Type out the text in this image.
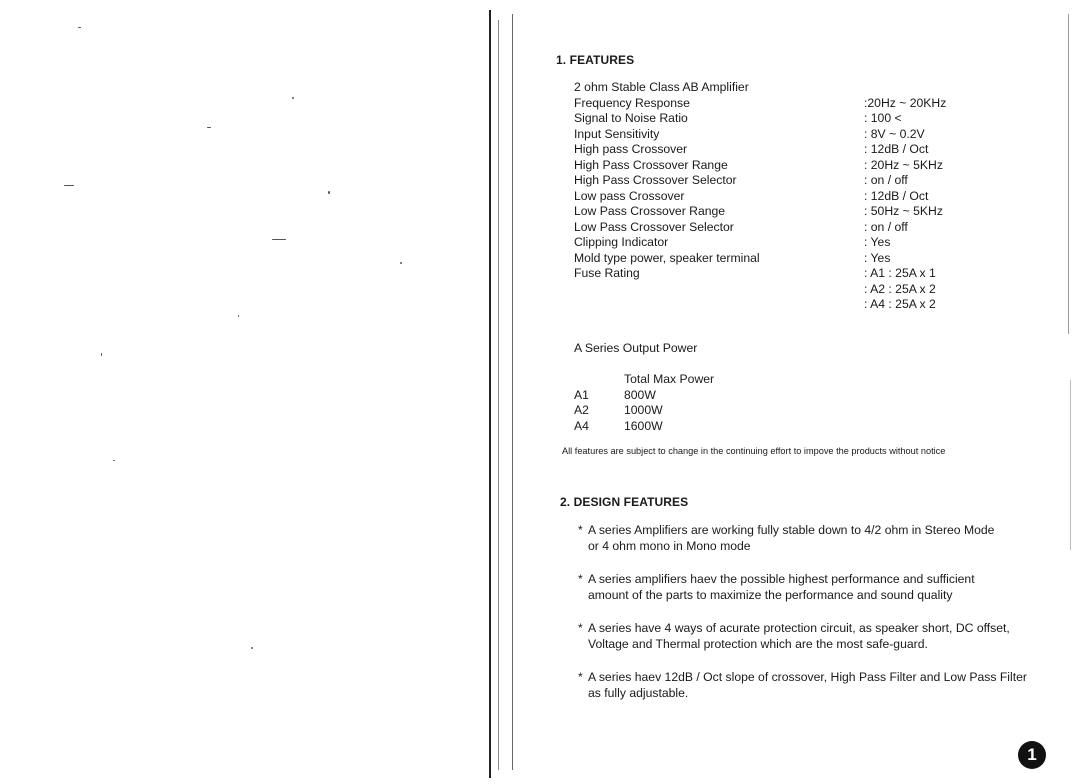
1. FEATURES
2 ohm Stable Class AB Amplifier
Frequency Response	:20Hz ~ 20KHz
Signal to Noise Ratio	: 100 <
Input Sensitivity	: 8V ~ 0.2V
High pass Crossover	: 12dB / Oct
High Pass Crossover Range	: 20Hz ~ 5KHz
High Pass Crossover Selector	: on / off
Low pass Crossover	: 12dB / Oct
Low Pass Crossover Range	: 50Hz ~ 5KHz
Low Pass Crossover Selector	: on / off
Clipping Indicator	: Yes
Mold type power, speaker terminal	: Yes
Fuse Rating	: A1 : 25A x 1
: A2 : 25A x 2
: A4 : 25A x 2
A Series Output Power
Total Max Power
A1	800W
A2	1000W
A4	1600W
All features are subject to change in the continuing effort to impove the products without notice
2. DESIGN FEATURES
* A series Amplifiers are working fully stable down to 4/2 ohm in Stereo Mode
or 4 ohm mono in Mono mode
* A series amplifiers haev the possible highest performance and sufficient
amount of the parts to maximize the performance and sound quality
* A series have 4 ways of acurate protection circuit, as speaker short, DC offset,
Voltage and Thermal protection which are the most safe-guard.
* A series haev 12dB / Oct slope of crossover, High Pass Filter and Low Pass Filter
as fully adjustable.
1
